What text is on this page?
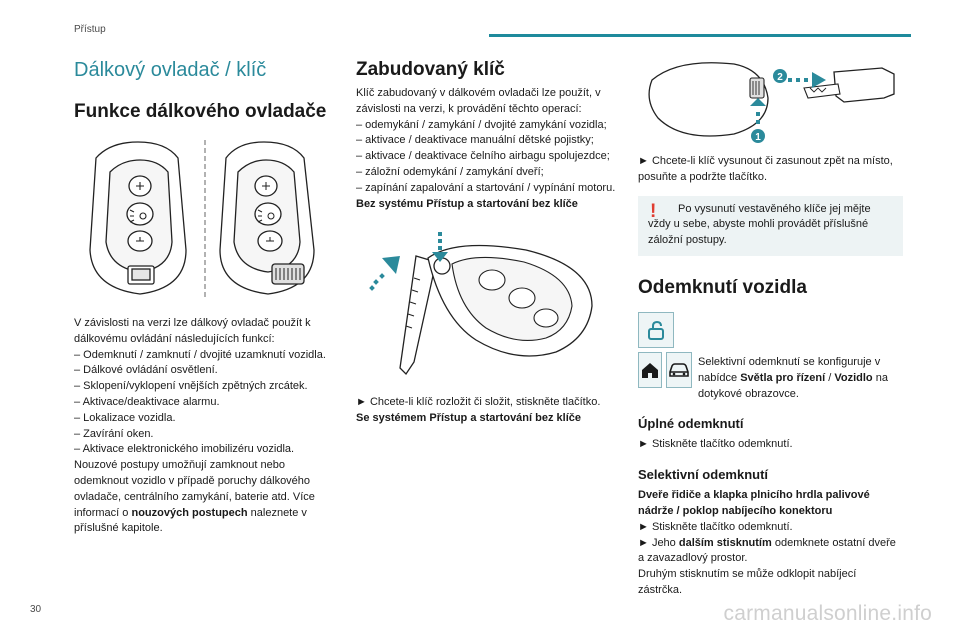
Přístup
Dálkový ovladač / klíč
Funkce dálkového ovladače
V závislosti na verzi lze dálkový ovladač použít k dálkovému ovládání následujících funkcí:
– Odemknutí / zamknutí / dvojité uzamknutí vozidla.
– Dálkové ovládání osvětlení.
– Sklopení/vyklopení vnějších zpětných zrcátek.
– Aktivace/deaktivace alarmu.
– Lokalizace vozidla.
– Zavírání oken.
– Aktivace elektronického imobilizéru vozidla.
Nouzové postupy umožňují zamknout nebo odemknout vozidlo v případě poruchy dálkového ovladače, centrálního zamykání, baterie atd. Více informací o nouzových postupech naleznete v příslušné kapitole.
Zabudovaný klíč
Klíč zabudovaný v dálkovém ovladači lze použít, v závislosti na verzi, k provádění těchto operací:
– odemykání / zamykání / dvojité zamykání vozidla;
– aktivace / deaktivace manuální dětské pojistky;
– aktivace / deaktivace čelního airbagu spolujezdce;
– záložní odemykání / zamykání dveří;
– zapínání zapalování a startování / vypínání motoru.
Bez systému Přístup a startování bez klíče
► Chcete-li klíč rozložit či složit, stiskněte tlačítko.
Se systémem Přístup a startování bez klíče
2
1
► Chcete-li klíč vysunout či zasunout zpět na místo, posuňte a podržte tlačítko.
!	Po vysunutí vestavěného klíče jej mějte vždy u sebe, abyste mohli provádět příslušné záložní postupy.
Odemknutí vozidla
Selektivní odemknutí se konfiguruje v nabídce Světla pro řízení / Vozidlo na dotykové obrazovce.
Úplné odemknutí
► Stiskněte tlačítko odemknutí.
Selektivní odemknutí
Dveře řidiče a klapka plnicího hrdla palivové nádrže / poklop nabíjecího konektoru
► Stiskněte tlačítko odemknutí.
► Jeho dalším stisknutím odemknete ostatní dveře a zavazadlový prostor.
Druhým stisknutím se může odklopit nabíjecí zástrčka.
30	carmanualsonline.info
